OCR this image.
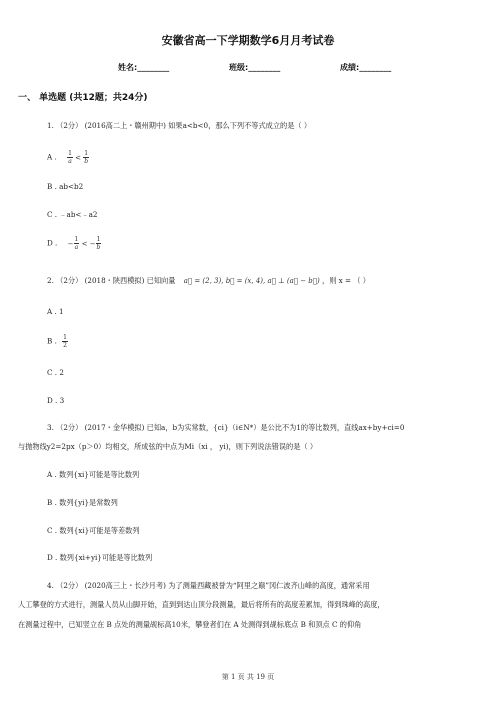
安徽省高一下学期数学6月月考试卷
姓名:________	班级:________	成绩:________
一、 单选题 (共12题；共24分)
1. （2分） (2016高二上・赣州期中) 如果a<b<0，那么下列不等式成立的是（ ）
A . $\frac{1}{a} < \frac{1}{b}$
B . ab<b2
C . ﹣ab<﹣a2
D . − $\frac{1}{a}$ < − $\frac{1}{b}$
2. （2分） (2018・陕西模拟) 已知向量 a⃗ = (2, 3), b⃗ = (x, 4), a⃗ ⊥ (a⃗ − b⃗) ，则 x = （ ）
A . 1
B . $\frac{1}{2}$
C . 2
D . 3
3. （2分） (2017・金华模拟) 已知a，b为实常数，{ci}（i∈N*）是公比不为1的等比数列，直线ax+by+ci=0
与抛物线y2=2px（p＞0）均相交，所成弦的中点为Mi（xi ， yi)，则下列说法错误的是（ ）
A . 数列{xi}可能是等比数列
B . 数列{yi}是常数列
C . 数列{xi}可能是等差数列
D . 数列{xi+yi}可能是等比数列
4. （2分） (2020高三上・长沙月考) 为了测量西藏被誉为“阿里之巅”冈仁波齐山峰的高度，通常采用
人工攀登的方式进行，测量人员从山脚开始，直到到达山顶分段测量，最后将所有的高度差累加，得到珠峰的高度，
在测量过程中，已知竖立在 B 点处的测量觇标高10米，攀登者们在 A 处测得到觇标底点 B 和顶点 C 的仰角
第 1 页 共 19 页
